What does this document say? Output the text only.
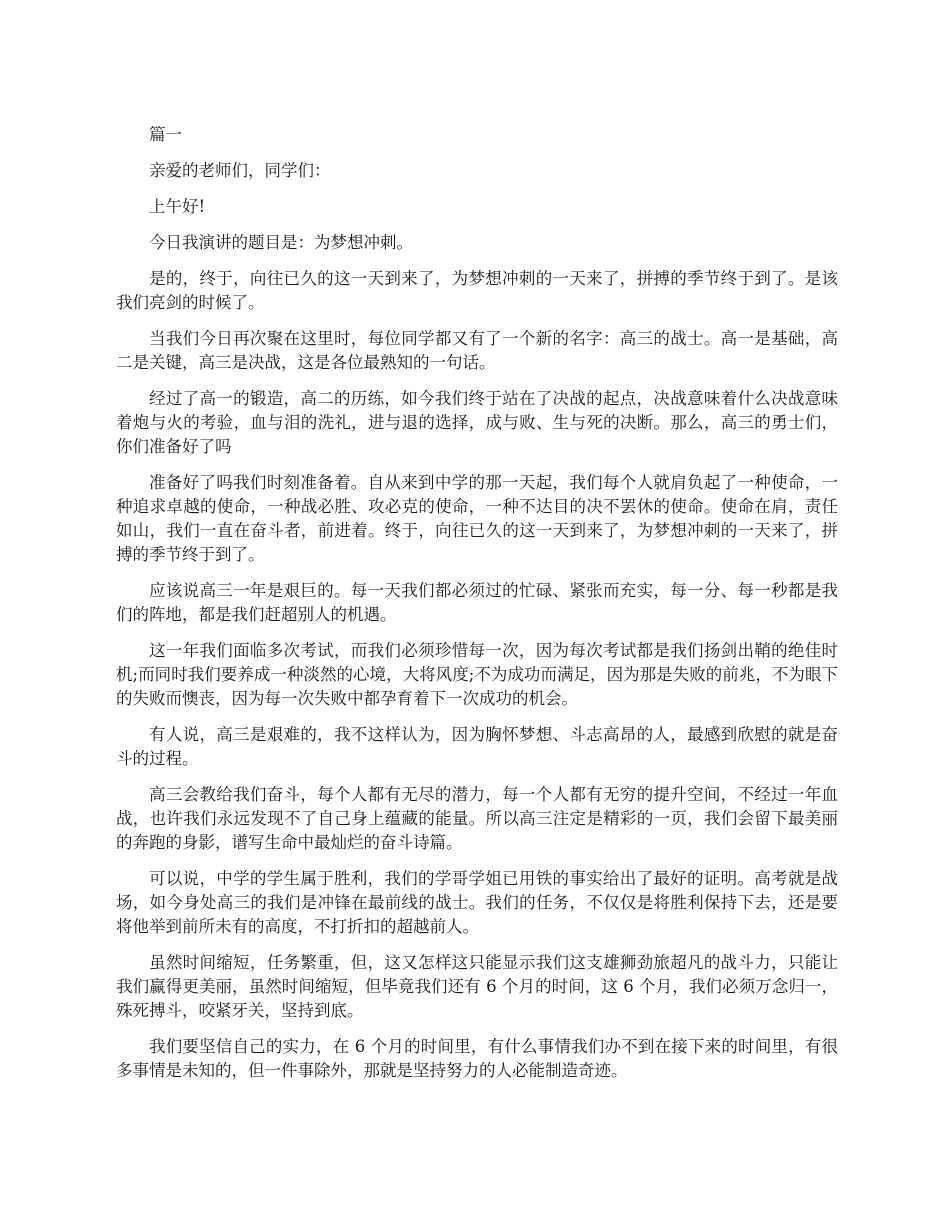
篇一

亲爱的老师们，同学们：

上午好!

今日我演讲的题目是：为梦想冲刺。

是的，终于，向往已久的这一天到来了，为梦想冲刺的一天来了，拼搏的季节终于到了。是该我们亮剑的时候了。

当我们今日再次聚在这里时，每位同学都又有了一个新的名字：高三的战士。高一是基础，高二是关键，高三是决战，这是各位最熟知的一句话。

经过了高一的锻造，高二的历练，如今我们终于站在了决战的起点，决战意味着什么决战意味着炮与火的考验，血与泪的洗礼，进与退的选择，成与败、生与死的决断。那么，高三的勇士们，你们准备好了吗

准备好了吗我们时刻准备着。自从来到中学的那一天起，我们每个人就肩负起了一种使命，一种追求卓越的使命，一种战必胜、攻必克的使命，一种不达目的决不罢休的使命。使命在肩，责任如山，我们一直在奋斗者，前进着。终于，向往已久的这一天到来了，为梦想冲刺的一天来了，拼搏的季节终于到了。

应该说高三一年是艰巨的。每一天我们都必须过的忙碌、紧张而充实，每一分、每一秒都是我们的阵地，都是我们赶超别人的机遇。

这一年我们面临多次考试，而我们必须珍惜每一次，因为每次考试都是我们扬剑出鞘的绝佳时机;而同时我们要养成一种淡然的心境，大将风度;不为成功而满足，因为那是失败的前兆，不为眼下的失败而懊丧，因为每一次失败中都孕育着下一次成功的机会。

有人说，高三是艰难的，我不这样认为，因为胸怀梦想、斗志高昂的人，最感到欣慰的就是奋斗的过程。

高三会教给我们奋斗，每个人都有无尽的潜力，每一个人都有无穷的提升空间，不经过一年血战，也许我们永远发现不了自己身上蕴藏的能量。所以高三注定是精彩的一页，我们会留下最美丽的奔跑的身影，谱写生命中最灿烂的奋斗诗篇。

可以说，中学的学生属于胜利，我们的学哥学姐已用铁的事实给出了最好的证明。高考就是战场，如今身处高三的我们是冲锋在最前线的战士。我们的任务，不仅仅是将胜利保持下去，还是要将他举到前所未有的高度，不打折扣的超越前人。

虽然时间缩短，任务繁重，但，这又怎样这只能显示我们这支雄狮劲旅超凡的战斗力，只能让我们赢得更美丽，虽然时间缩短，但毕竟我们还有 6 个月的时间，这 6 个月，我们必须万念归一，殊死搏斗，咬紧牙关，坚持到底。

我们要坚信自己的实力，在 6 个月的时间里，有什么事情我们办不到在接下来的时间里，有很多事情是未知的，但一件事除外，那就是坚持努力的人必能制造奇迹。
